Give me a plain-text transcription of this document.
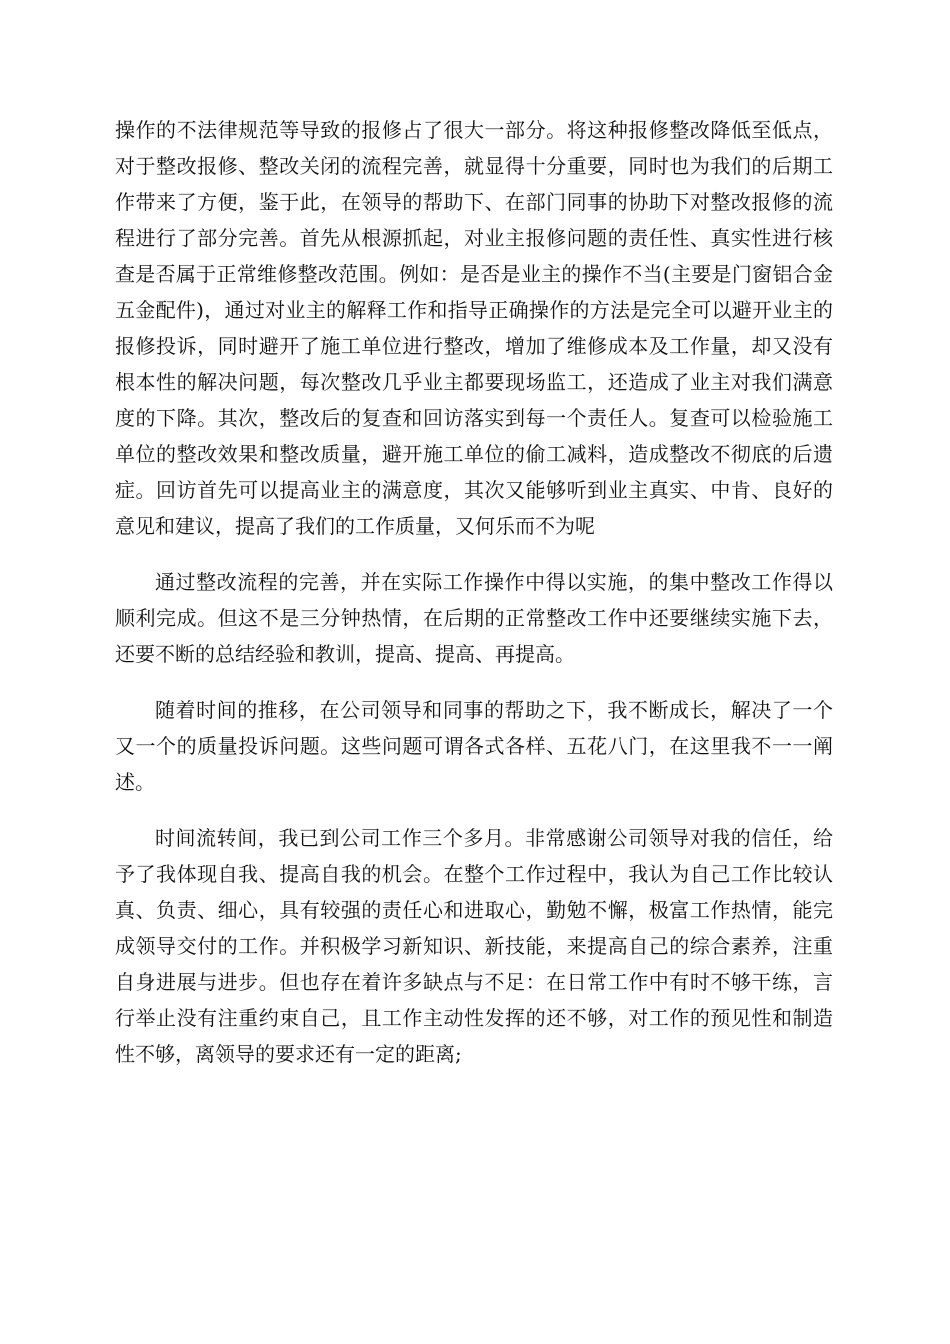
操作的不法律规范等导致的报修占了很大一部分。将这种报修整改降低至低点，对于整改报修、整改关闭的流程完善，就显得十分重要，同时也为我们的后期工作带来了方便，鉴于此，在领导的帮助下、在部门同事的协助下对整改报修的流程进行了部分完善。首先从根源抓起，对业主报修问题的责任性、真实性进行核查是否属于正常维修整改范围。例如：是否是业主的操作不当(主要是门窗铝合金五金配件)，通过对业主的解释工作和指导正确操作的方法是完全可以避开业主的报修投诉，同时避开了施工单位进行整改，增加了维修成本及工作量，却又没有根本性的解决问题，每次整改几乎业主都要现场监工，还造成了业主对我们满意度的下降。其次，整改后的复查和回访落实到每一个责任人。复查可以检验施工单位的整改效果和整改质量，避开施工单位的偷工减料，造成整改不彻底的后遗症。回访首先可以提高业主的满意度，其次又能够听到业主真实、中肯、良好的意见和建议，提高了我们的工作质量，又何乐而不为呢

通过整改流程的完善，并在实际工作操作中得以实施，的集中整改工作得以顺利完成。但这不是三分钟热情，在后期的正常整改工作中还要继续实施下去，还要不断的总结经验和教训，提高、提高、再提高。

随着时间的推移，在公司领导和同事的帮助之下，我不断成长，解决了一个又一个的质量投诉问题。这些问题可谓各式各样、五花八门，在这里我不一一阐述。

时间流转间，我已到公司工作三个多月。非常感谢公司领导对我的信任，给予了我体现自我、提高自我的机会。在整个工作过程中，我认为自己工作比较认真、负责、细心，具有较强的责任心和进取心，勤勉不懈，极富工作热情，能完成领导交付的工作。并积极学习新知识、新技能，来提高自己的综合素养，注重自身进展与进步。但也存在着许多缺点与不足：在日常工作中有时不够干练，言行举止没有注重约束自己，且工作主动性发挥的还不够，对工作的预见性和制造性不够，离领导的要求还有一定的距离;
